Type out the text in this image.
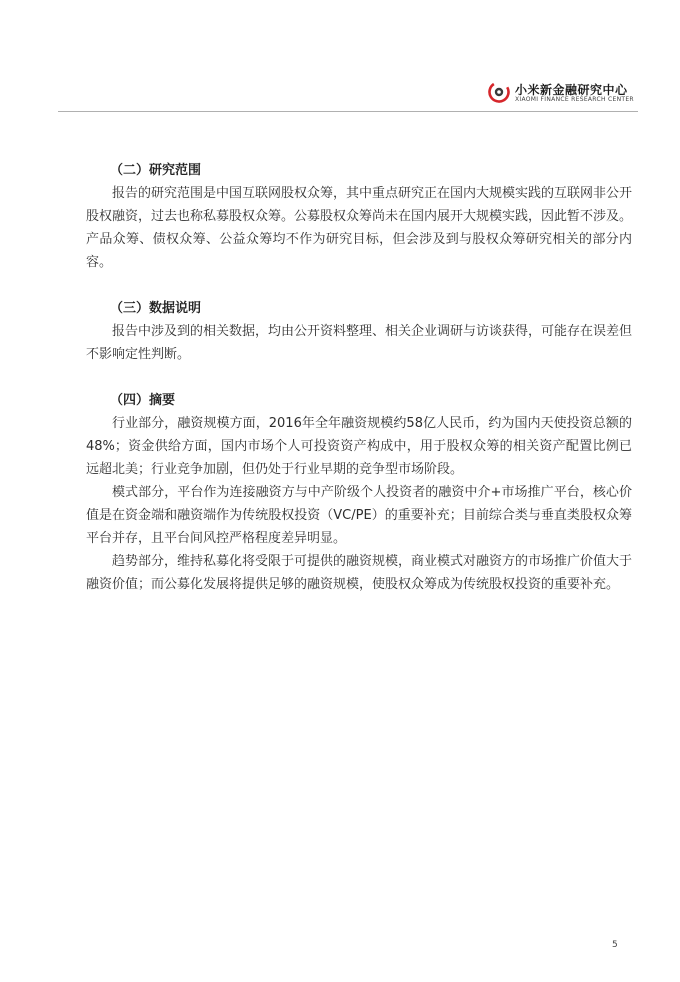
小米新金融研究中心
XIAOMI FINANCE RESEARCH CENTER

（二）研究范围

报告的研究范围是中国互联网股权众筹，其中重点研究正在国内大规模实践的互联网非公开股权融资，过去也称私募股权众筹。公募股权众筹尚未在国内展开大规模实践，因此暂不涉及。产品众筹、债权众筹、公益众筹均不作为研究目标，但会涉及到与股权众筹研究相关的部分内容。

（三）数据说明

报告中涉及到的相关数据，均由公开资料整理、相关企业调研与访谈获得，可能存在误差但不影响定性判断。

（四）摘要

行业部分，融资规模方面，2016年全年融资规模约58亿人民币，约为国内天使投资总额的48%；资金供给方面，国内市场个人可投资资产构成中，用于股权众筹的相关资产配置比例已远超北美；行业竞争加剧，但仍处于行业早期的竞争型市场阶段。

模式部分，平台作为连接融资方与中产阶级个人投资者的融资中介+市场推广平台，核心价值是在资金端和融资端作为传统股权投资（VC/PE）的重要补充；目前综合类与垂直类股权众筹平台并存，且平台间风控严格程度差异明显。

趋势部分，维持私募化将受限于可提供的融资规模，商业模式对融资方的市场推广价值大于融资价值；而公募化发展将提供足够的融资规模，使股权众筹成为传统股权投资的重要补充。

5
